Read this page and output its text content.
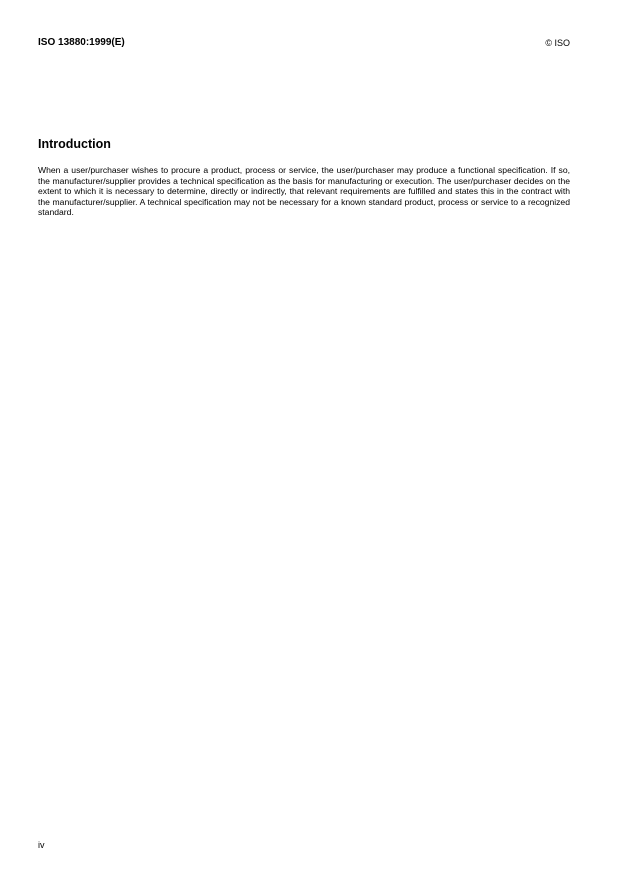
ISO 13880:1999(E)	© ISO
Introduction

When a user/purchaser wishes to procure a product, process or service, the user/purchaser may produce a functional specification. If so, the manufacturer/supplier provides a technical specification as the basis for manufacturing or execution. The user/purchaser decides on the extent to which it is necessary to determine, directly or indirectly, that relevant requirements are fulfilled and states this in the contract with the manufacturer/supplier. A technical specification may not be necessary for a known standard product, process or service to a recognized standard.

iv
